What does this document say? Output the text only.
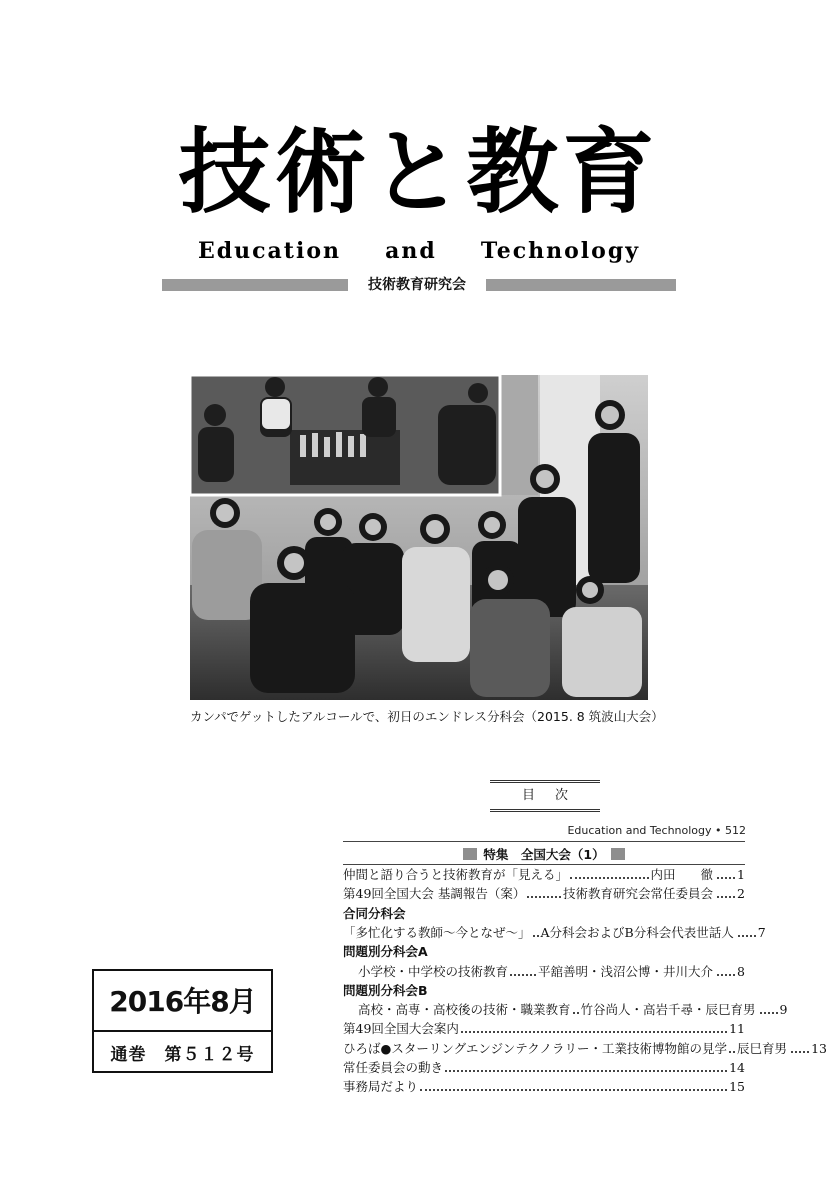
技術と教育
Education and Technology
技術教育研究会
カンパでゲットしたアルコールで、初日のエンドレス分科会（2015. 8 筑波山大会）
目 次
Education and Technology • 512
特集　全国大会（1）
仲間と語り合うと技術教育が「見える」	内田　　徹 1
第49回全国大会 基調報告（案）	技術教育研究会常任委員会 2
合同分科会
「多忙化する教師～今となぜ～」 A分科会およびB分科会代表世話人 7
問題別分科会A
小学校・中学校の技術教育 平舘善明・浅沼公博・井川大介 8
問題別分科会B
高校・高専・高校後の技術・職業教育 竹谷尚人・高岩千尋・辰巳育男 9
第49回全国大会案内	11
ひろば●スターリングエンジンテクノラリー・工業技術博物館の見学 辰巳育男 13
常任委員会の動き	14
事務局だより	15
2016年8月
通巻　第５１２号
